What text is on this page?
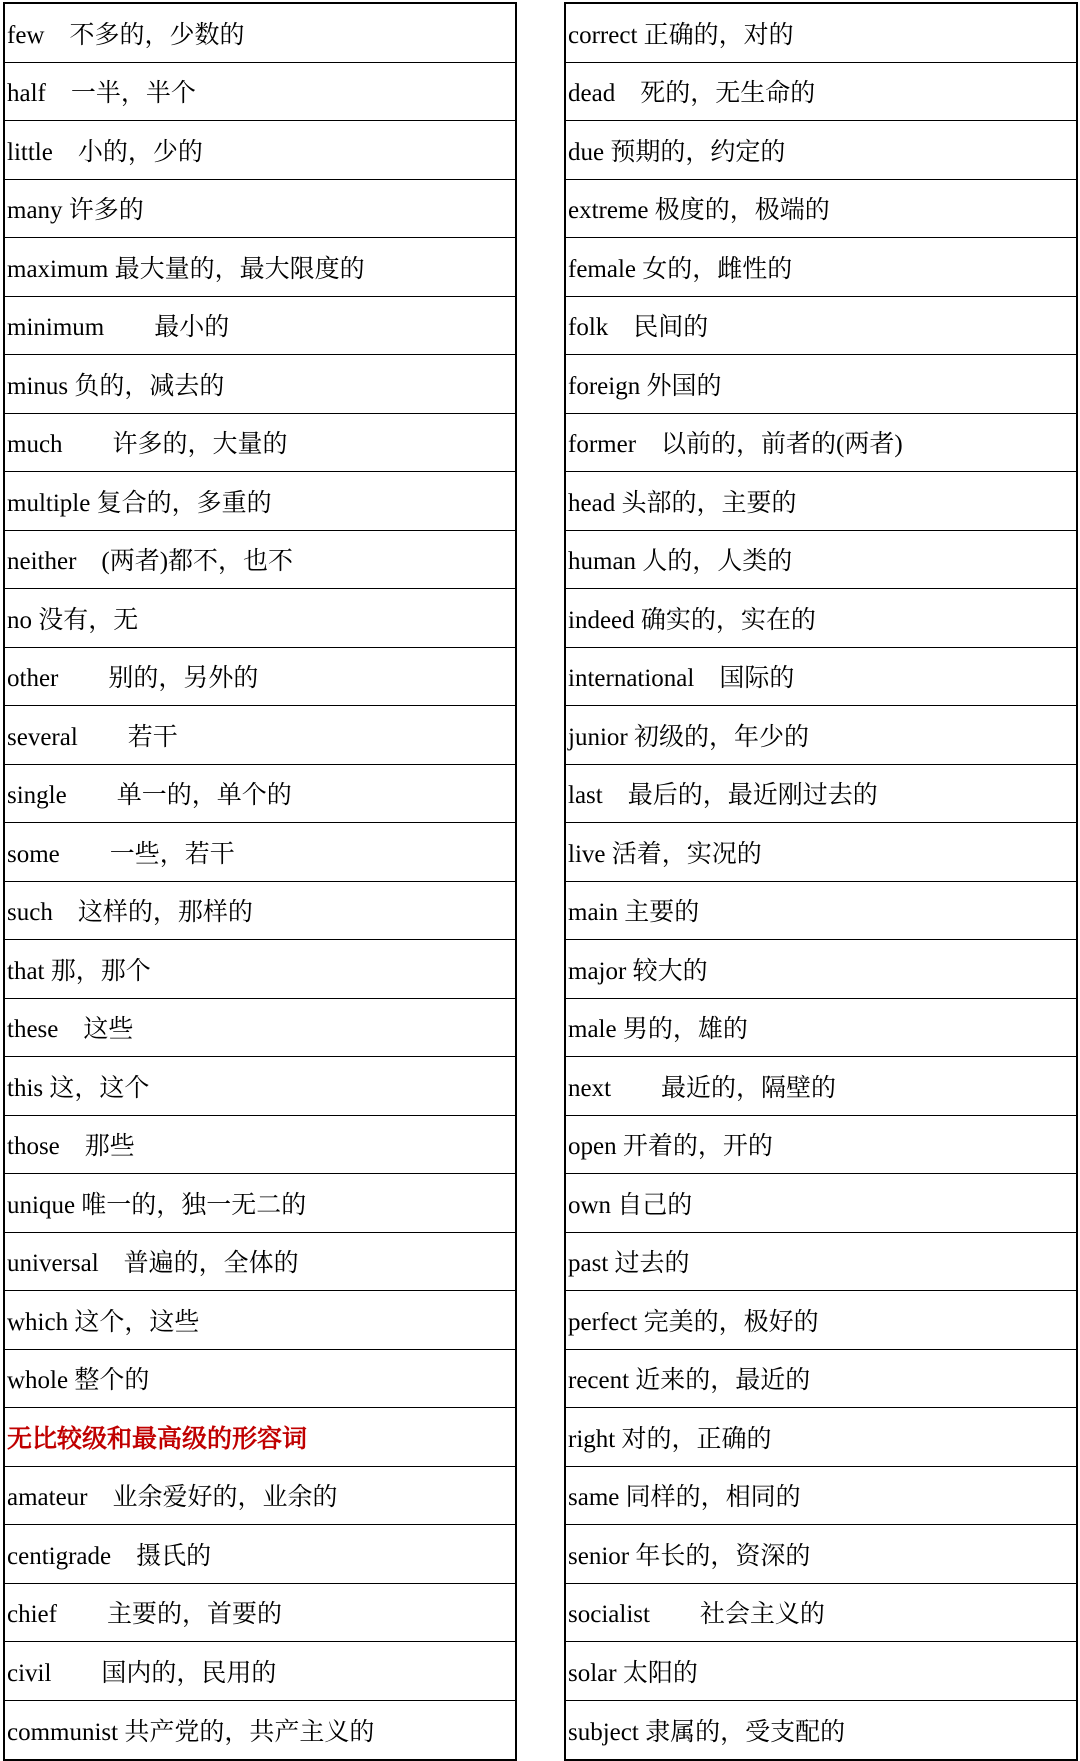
few　不多的，少数的
half　一半，半个
little　小的，少的
many 许多的
maximum 最大量的，最大限度的
minimum　　最小的
minus 负的，减去的
much　　许多的，大量的
multiple 复合的，多重的
neither　(两者)都不，也不
no 没有，无
other　　别的，另外的
several　　若干
single　　单一的，单个的
some　　一些，若干
such　这样的，那样的
that 那，那个
these　这些
this 这，这个
those　那些
unique 唯一的，独一无二的
universal　普遍的，全体的
which 这个，这些
whole 整个的
无比较级和最高级的形容词
amateur　业余爱好的，业余的
centigrade　摄氏的
chief　　主要的，首要的
civil　　国内的，民用的
communist 共产党的，共产主义的
correct 正确的，对的
dead　死的，无生命的
due 预期的，约定的
extreme 极度的，极端的
female 女的，雌性的
folk　民间的
foreign 外国的
former　以前的，前者的(两者)
head 头部的，主要的
human 人的，人类的
indeed 确实的，实在的
international　国际的
junior 初级的，年少的
last　最后的，最近刚过去的
live 活着，实况的
main 主要的
major 较大的
male 男的，雄的
next　　最近的，隔壁的
open 开着的，开的
own 自己的
past 过去的
perfect 完美的，极好的
recent 近来的，最近的
right 对的，正确的
same 同样的，相同的
senior 年长的，资深的
socialist　　社会主义的
solar 太阳的
subject 隶属的，受支配的
